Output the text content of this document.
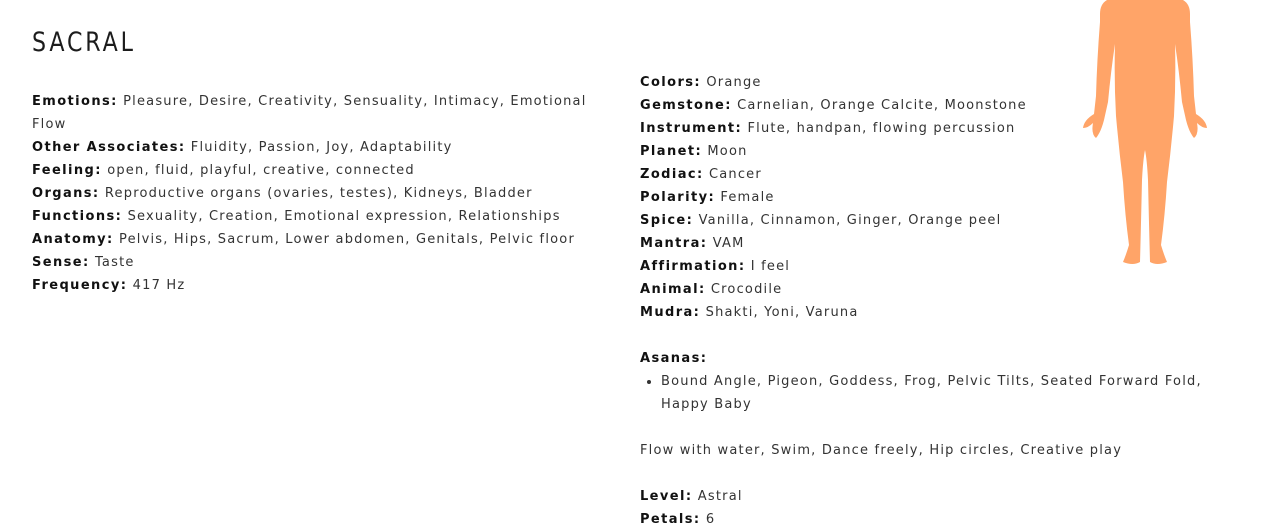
SACRAL

Emotions: Pleasure, Desire, Creativity, Sensuality, Intimacy, Emotional Flow

Other Associates: Fluidity, Passion, Joy, Adaptability

Feeling: open, fluid, playful, creative, connected

Organs: Reproductive organs (ovaries, testes), Kidneys, Bladder

Functions: Sexuality, Creation, Emotional expression, Relationships

Anatomy: Pelvis, Hips, Sacrum, Lower abdomen, Genitals, Pelvic floor

Sense: Taste

Frequency: 417 Hz

Colors: Orange

Gemstone: Carnelian, Orange Calcite, Moonstone

Instrument: Flute, handpan, flowing percussion

Planet: Moon

Zodiac: Cancer

Polarity: Female

Spice: Vanilla, Cinnamon, Ginger, Orange peel

Mantra: VAM

Affirmation: I feel

Animal: Crocodile

Mudra: Shakti, Yoni, Varuna

Asanas:

• Bound Angle, Pigeon, Goddess, Frog, Pelvic Tilts, Seated Forward Fold, Happy Baby

Flow with water, Swim, Dance freely, Hip circles, Creative play

Level: Astral

Petals: 6
